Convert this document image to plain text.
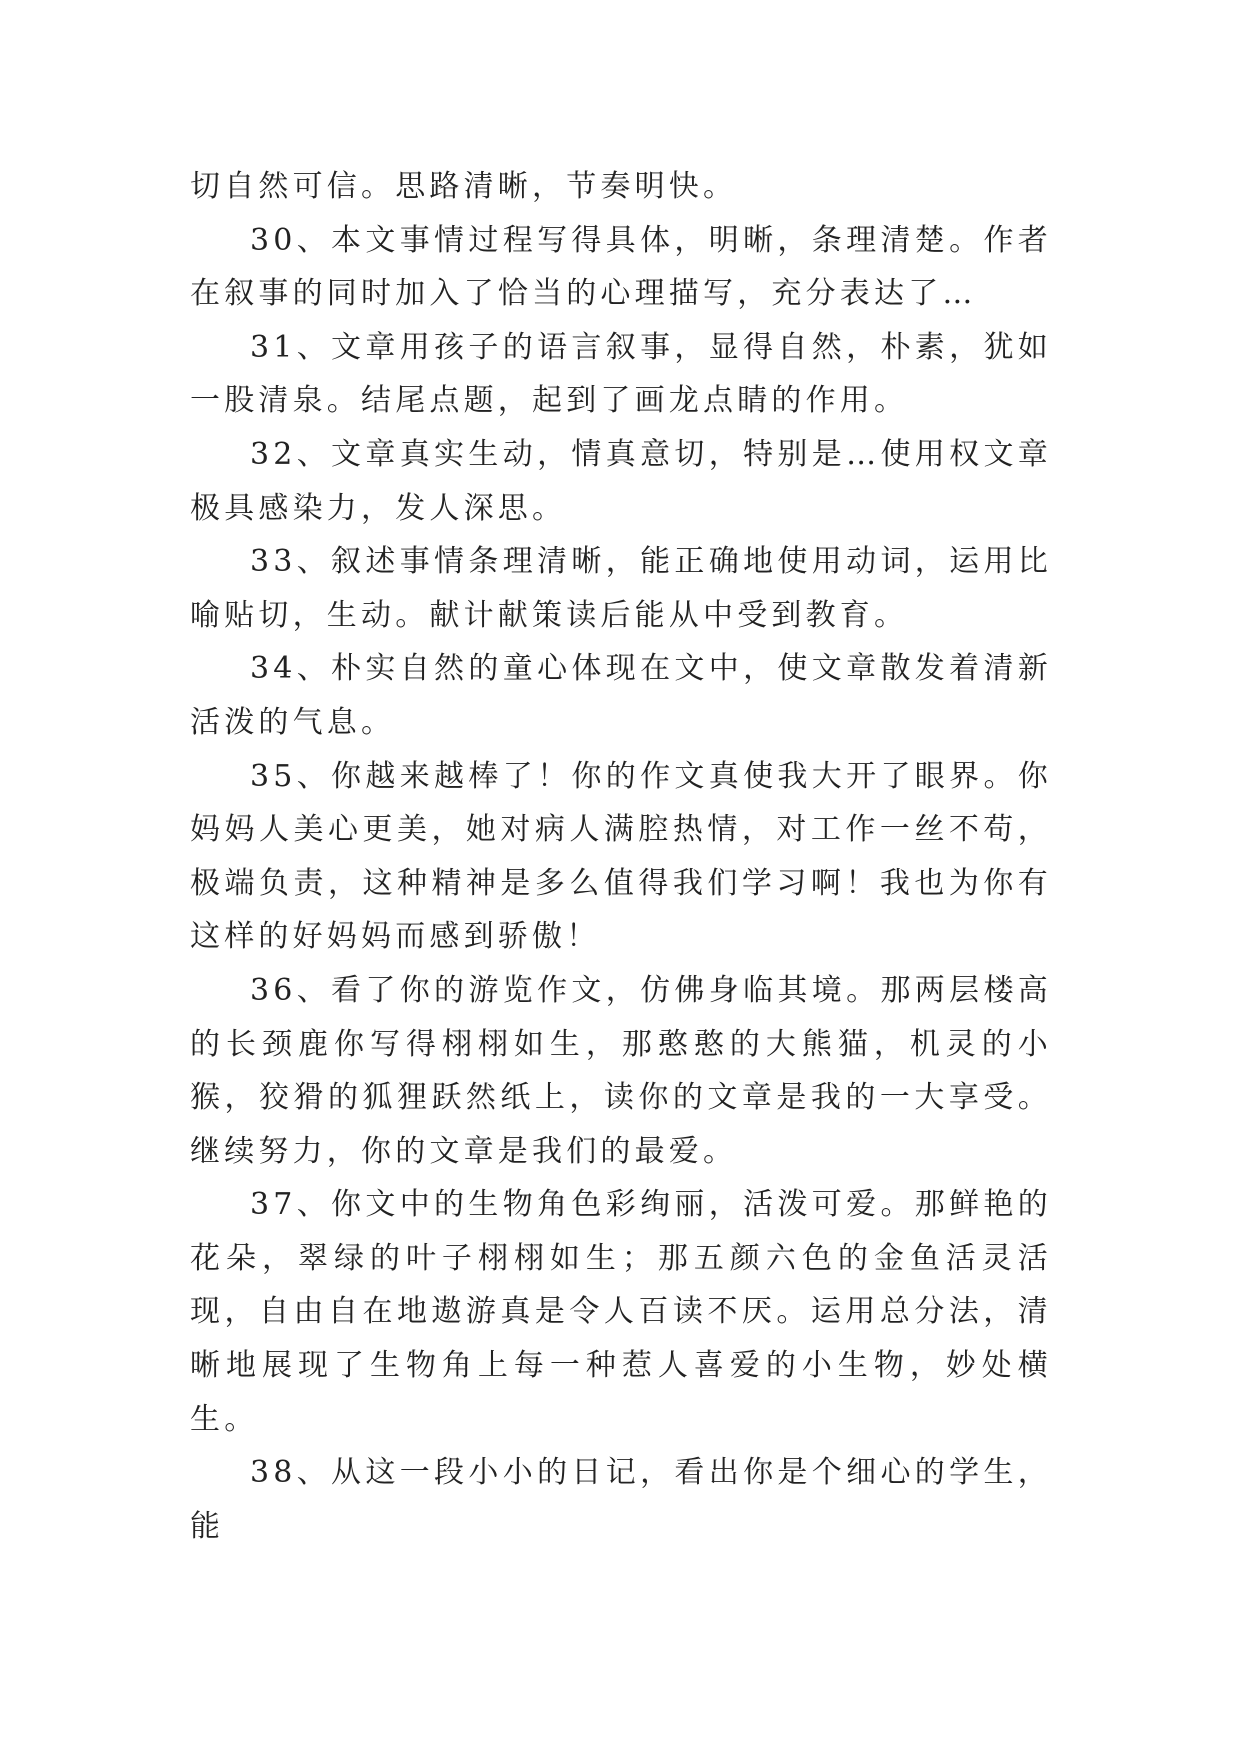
切自然可信。思路清晰，节奏明快。

30、本文事情过程写得具体，明晰，条理清楚。作者在叙事的同时加入了恰当的心理描写，充分表达了…

31、文章用孩子的语言叙事，显得自然，朴素，犹如一股清泉。结尾点题，起到了画龙点睛的作用。

32、文章真实生动，情真意切，特别是…使用权文章极具感染力，发人深思。

33、叙述事情条理清晰，能正确地使用动词，运用比喻贴切，生动。献计献策读后能从中受到教育。

34、朴实自然的童心体现在文中，使文章散发着清新活泼的气息。

35、你越来越棒了！你的作文真使我大开了眼界。你妈妈人美心更美，她对病人满腔热情，对工作一丝不苟，极端负责，这种精神是多么值得我们学习啊！我也为你有这样的好妈妈而感到骄傲！

36、看了你的游览作文，仿佛身临其境。那两层楼高的长颈鹿你写得栩栩如生，那憨憨的大熊猫，机灵的小猴，狡猾的狐狸跃然纸上，读你的文章是我的一大享受。继续努力，你的文章是我们的最爱。

37、你文中的生物角色彩绚丽，活泼可爱。那鲜艳的花朵，翠绿的叶子栩栩如生；那五颜六色的金鱼活灵活现，自由自在地遨游真是令人百读不厌。运用总分法，清晰地展现了生物角上每一种惹人喜爱的小生物，妙处横生。

38、从这一段小小的日记，看出你是个细心的学生，能
